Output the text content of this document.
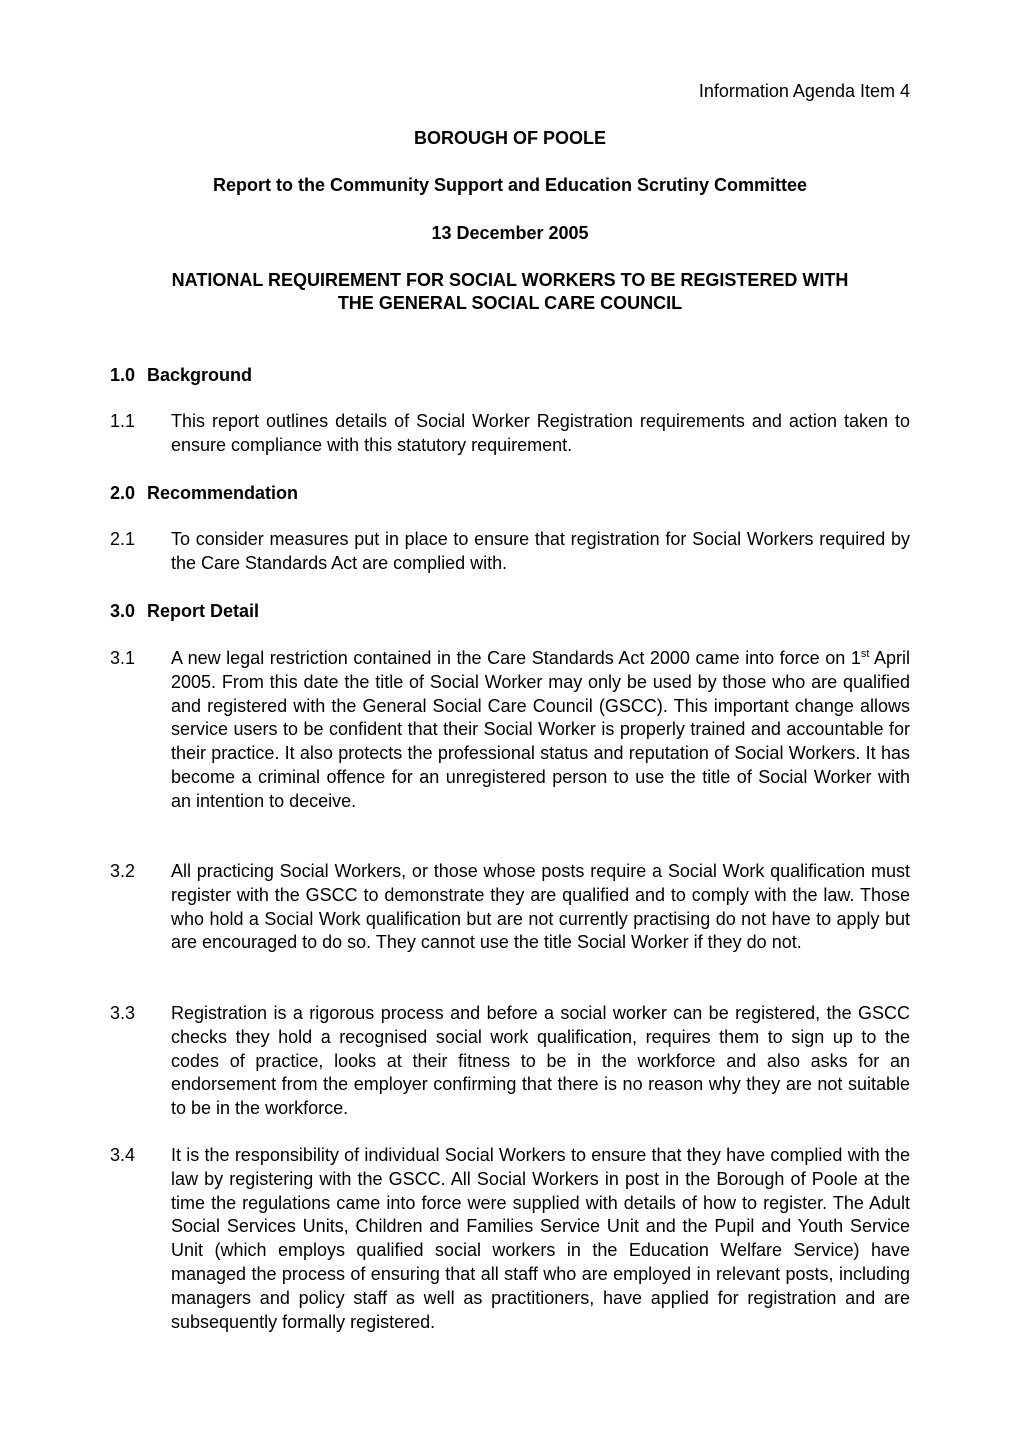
Information Agenda Item 4
BOROUGH OF POOLE
Report to the Community Support and Education Scrutiny Committee
13 December 2005
NATIONAL REQUIREMENT FOR SOCIAL WORKERS TO BE REGISTERED WITH
THE GENERAL SOCIAL CARE COUNCIL
1.0 Background
1.1 This report outlines details of Social Worker Registration requirements and action taken to ensure compliance with this statutory requirement.
2.0 Recommendation
2.1 To consider measures put in place to ensure that registration for Social Workers required by the Care Standards Act are complied with.
3.0 Report Detail
3.1 A new legal restriction contained in the Care Standards Act 2000 came into force on 1st April 2005. From this date the title of Social Worker may only be used by those who are qualified and registered with the General Social Care Council (GSCC). This important change allows service users to be confident that their Social Worker is properly trained and accountable for their practice. It also protects the professional status and reputation of Social Workers. It has become a criminal offence for an unregistered person to use the title of Social Worker with an intention to deceive.
3.2 All practicing Social Workers, or those whose posts require a Social Work qualification must register with the GSCC to demonstrate they are qualified and to comply with the law. Those who hold a Social Work qualification but are not currently practising do not have to apply but are encouraged to do so. They cannot use the title Social Worker if they do not.
3.3 Registration is a rigorous process and before a social worker can be registered, the GSCC checks they hold a recognised social work qualification, requires them to sign up to the codes of practice, looks at their fitness to be in the workforce and also asks for an endorsement from the employer confirming that there is no reason why they are not suitable to be in the workforce.
3.4 It is the responsibility of individual Social Workers to ensure that they have complied with the law by registering with the GSCC. All Social Workers in post in the Borough of Poole at the time the regulations came into force were supplied with details of how to register. The Adult Social Services Units, Children and Families Service Unit and the Pupil and Youth Service Unit (which employs qualified social workers in the Education Welfare Service) have managed the process of ensuring that all staff who are employed in relevant posts, including managers and policy staff as well as practitioners, have applied for registration and are subsequently formally registered.
